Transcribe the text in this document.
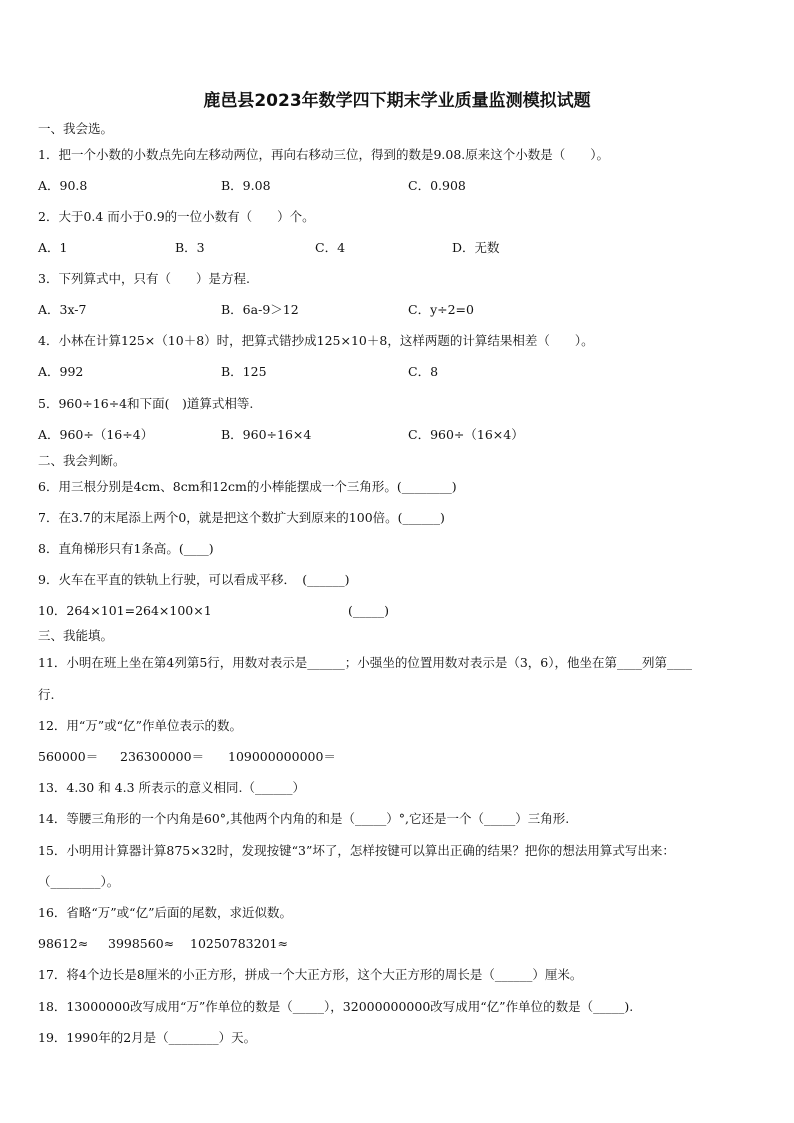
鹿邑县2023年数学四下期末学业质量监测模拟试题
一、我会选。
1．把一个小数的小数点先向左移动两位，再向右移动三位，得到的数是9.08.原来这个小数是（　　）。
A．90.8	B．9.08	C．0.908
2．大于0.4 而小于0.9的一位小数有（　　）个。
A．1	B．3	C．4	D．无数
3．下列算式中，只有（　　）是方程.
A．3x-7	B．6a-9＞12	C．y÷2=0
4．小林在计算125×（10＋8）时，把算式错抄成125×10＋8，这样两题的计算结果相差（　　）。
A．992	B．125	C．8
5．960÷16÷4和下面(　)道算式相等.
A．960÷（16÷4）	B．960÷16×4	C．960÷（16×4）
二、我会判断。
6．用三根分别是4cm、8cm和12cm的小棒能摆成一个三角形。(________)
7．在3.7的末尾添上两个0，就是把这个数扩大到原来的100倍。(______)
8．直角梯形只有1条高。(____)
9．火车在平直的铁轨上行驶，可以看成平移．　(______)
10．264×101=264×100×1	(_____)
三、我能填。
11．小明在班上坐在第4列第5行，用数对表示是______；小强坐的位置用数对表示是（3，6），他坐在第____列第____
行.
12．用“万”或“亿”作单位表示的数。
560000＝ 236300000＝ 109000000000＝
13．4.30 和 4.3 所表示的意义相同.（______）
14．等腰三角形的一个内角是60°,其他两个内角的和是（_____）°,它还是一个（_____）三角形.
15．小明用计算器计算875×32时，发现按键“3”坏了，怎样按键可以算出正确的结果？把你的想法用算式写出来：
（________）。
16．省略“万”或“亿”后面的尾数，求近似数。
98612≈ 3998560≈ 10250783201≈
17．将4个边长是8厘米的小正方形，拼成一个大正方形，这个大正方形的周长是（______）厘米。
18．13000000改写成用“万”作单位的数是（_____），32000000000改写成用“亿”作单位的数是（_____).
19．1990年的2月是（________）天。
